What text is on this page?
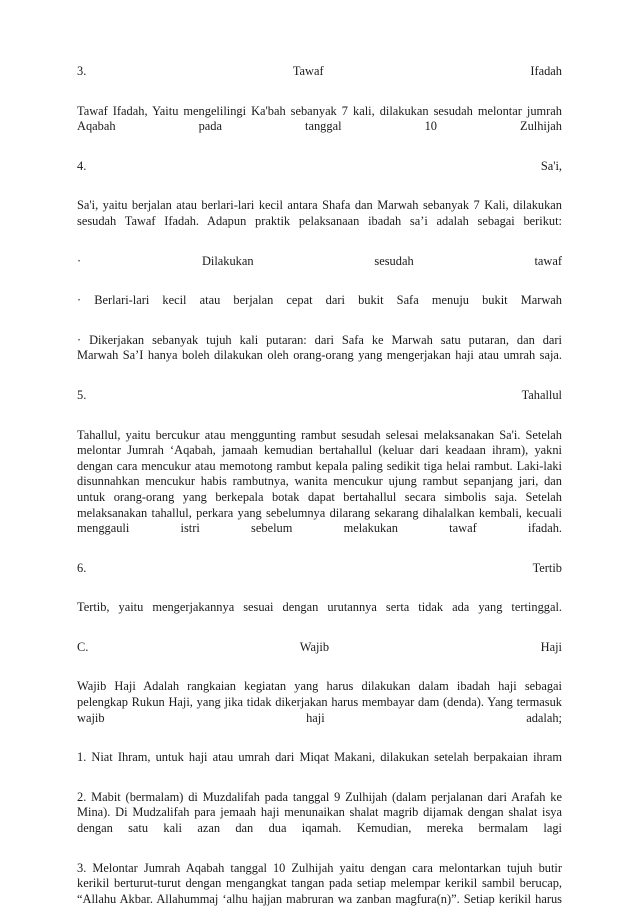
3. Tawaf Ifadah
Tawaf Ifadah, Yaitu mengelilingi Ka'bah sebanyak 7 kali, dilakukan sesudah melontar jumrah
Aqabah pada tanggal 10 Zulhijah
4. Sa'i,
Sa'i, yaitu berjalan atau berlari-lari kecil antara Shafa dan Marwah sebanyak 7 Kali, dilakukan
sesudah Tawaf Ifadah. Adapun praktik pelaksanaan ibadah sa’i adalah sebagai berikut:
· Dilakukan sesudah tawaf
· Berlari-lari kecil atau berjalan cepat dari bukit Safa menuju bukit Marwah
· Dikerjakan sebanyak tujuh kali putaran: dari Safa ke Marwah satu putaran, dan dari
Marwah Sa’I hanya boleh dilakukan oleh orang-orang yang mengerjakan haji atau umrah saja.
5. Tahallul
Tahallul, yaitu bercukur atau menggunting rambut sesudah selesai melaksanakan Sa'i. Setelah
melontar Jumrah ‘Aqabah, jamaah kemudian bertahallul (keluar dari keadaan ihram), yakni
dengan cara mencukur atau memotong rambut kepala paling sedikit tiga helai rambut. Laki-laki
disunnahkan mencukur habis rambutnya, wanita mencukur ujung rambut sepanjang jari, dan
untuk orang-orang yang berkepala botak dapat bertahallul secara simbolis saja. Setelah
melaksanakan tahallul, perkara yang sebelumnya dilarang sekarang dihalalkan kembali, kecuali
menggauli istri sebelum melakukan tawaf ifadah.
6. Tertib
Tertib, yaitu mengerjakannya sesuai dengan urutannya serta tidak ada yang tertinggal.
C. Wajib Haji
Wajib Haji Adalah rangkaian kegiatan yang harus dilakukan dalam ibadah haji sebagai
pelengkap Rukun Haji, yang jika tidak dikerjakan harus membayar dam (denda). Yang termasuk
wajib haji adalah;
1. Niat Ihram, untuk haji atau umrah dari Miqat Makani, dilakukan setelah berpakaian ihram
2. Mabit (bermalam) di Muzdalifah pada tanggal 9 Zulhijah (dalam perjalanan dari Arafah ke
Mina). Di Mudzalifah para jemaah haji menunaikan shalat magrib dijamak dengan shalat isya
dengan satu kali azan dan dua iqamah. Kemudian, mereka bermalam lagi
3. Melontar Jumrah Aqabah tanggal 10 Zulhijah yaitu dengan cara melontarkan tujuh butir
kerikil berturut-turut dengan mengangkat tangan pada setiap melempar kerikil sambil berucap,
“Allahu Akbar. Allahummaj ‘alhu hajjan mabruran wa zanban magfura(n)”. Setiap kerikil harus
